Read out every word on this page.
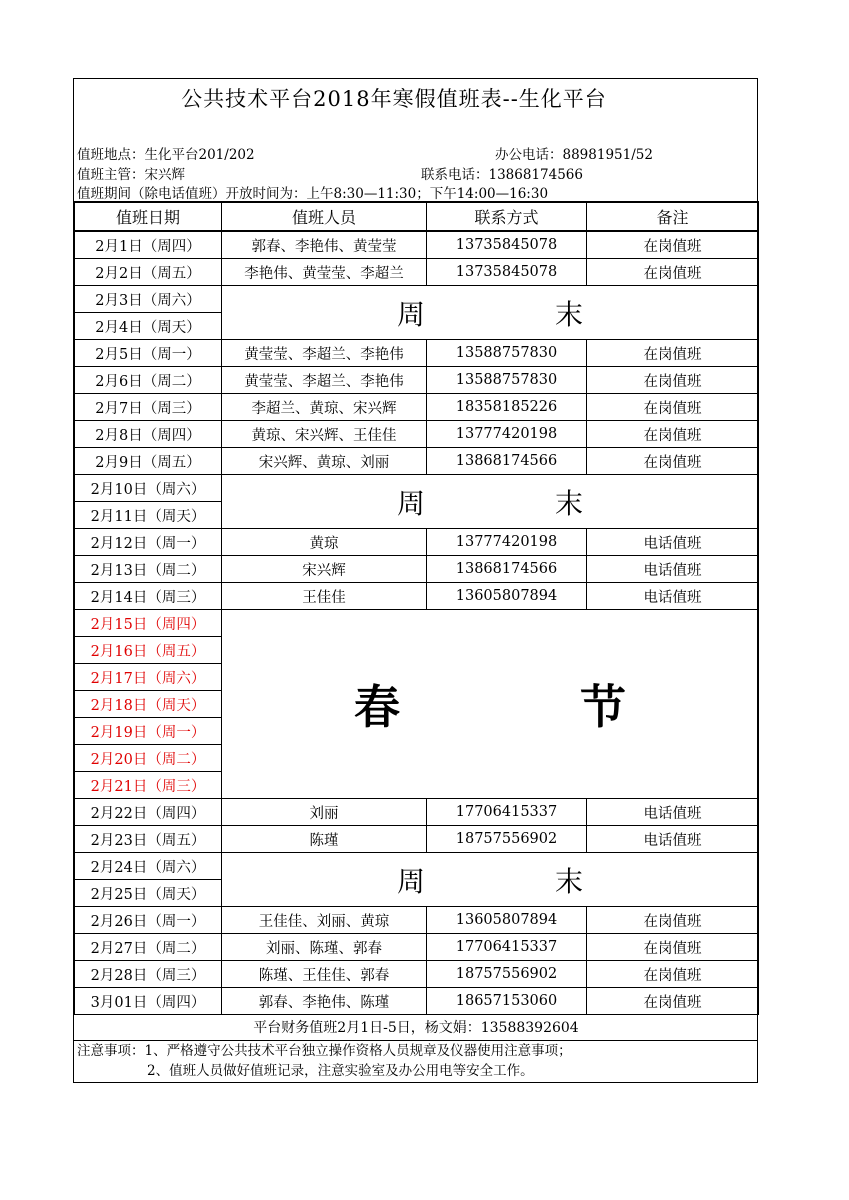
公共技术平台2018年寒假值班表--生化平台
值班地点：生化平台201/202	办公电话：88981951/52
值班主管：宋兴辉	联系电话：13868174566
值班期间（除电话值班）开放时间为：上午8:30—11:30；下午14:00—16:30
值班日期	值班人员	联系方式	备注
2月1日（周四）	郭春、李艳伟、黄莹莹	13735845078	在岗值班
2月2日（周五）	李艳伟、黄莹莹、李超兰	13735845078	在岗值班
2月3日（周六）	周 末		
2月4日（周天）			
2月5日（周一）	黄莹莹、李超兰、李艳伟	13588757830	在岗值班
2月6日（周二）	黄莹莹、李超兰、李艳伟	13588757830	在岗值班
2月7日（周三）	李超兰、黄琼、宋兴辉	18358185226	在岗值班
2月8日（周四）	黄琼、宋兴辉、王佳佳	13777420198	在岗值班
2月9日（周五）	宋兴辉、黄琼、刘丽	13868174566	在岗值班
2月10日（周六）	周 末		
2月11日（周天）			
2月12日（周一）	黄琼	13777420198	电话值班
2月13日（周二）	宋兴辉	13868174566	电话值班
2月14日（周三）	王佳佳	13605807894	电话值班
2月15日（周四）	春 节		
2月16日（周五）			
2月17日（周六）			
2月18日（周天）			
2月19日（周一）			
2月20日（周二）			
2月21日（周三）			
2月22日（周四）	刘丽	17706415337	电话值班
2月23日（周五）	陈瑾	18757556902	电话值班
2月24日（周六）	周 末		
2月25日（周天）			
2月26日（周一）	王佳佳、刘丽、黄琼	13605807894	在岗值班
2月27日（周二）	刘丽、陈瑾、郭春	17706415337	在岗值班
2月28日（周三）	陈瑾、王佳佳、郭春	18757556902	在岗值班
3月01日（周四）	郭春、李艳伟、陈瑾	18657153060	在岗值班
平台财务值班2月1日-5日，杨文娟：13588392604
注意事项：1、严格遵守公共技术平台独立操作资格人员规章及仪器使用注意事项；
2、值班人员做好值班记录，注意实验室及办公用电等安全工作。
